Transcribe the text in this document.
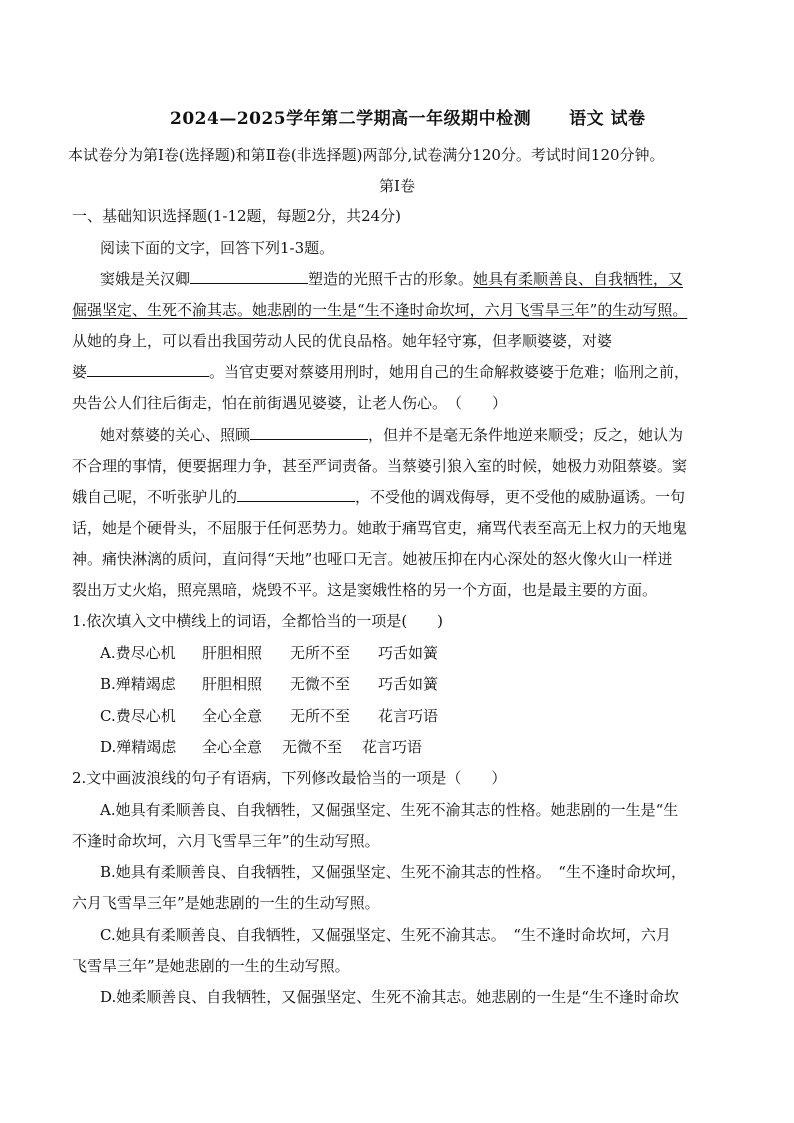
2024—2025学年第二学期高一年级期中检测 语文 试卷
本试卷分为第Ⅰ卷(选择题)和第Ⅱ卷(非选择题)两部分,试卷满分120分。考试时间120分钟。
第Ⅰ卷
一、基础知识选择题(1-12题，每题2分，共24分)
阅读下面的文字，回答下列1-3题。
窦娥是关汉卿	塑造的光照千古的形象。她具有柔顺善良、自我牺牲，又
倔强坚定、生死不渝其志。她悲剧的一生是“生不逢时命坎坷，六月飞雪旱三年”的生动写照。
从她的身上，可以看出我国劳动人民的优良品格。她年轻守寡，但孝顺婆婆，对婆
婆	。当官吏要对蔡婆用刑时，她用自己的生命解救婆婆于危难；临刑之前，
央告公人们往后街走，怕在前街遇见婆婆，让老人伤心。　（　　）
她对蔡婆的关心、照顾	，但并不是毫无条件地逆来顺受；反之，她认为
不合理的事情，便要据理力争，甚至严词责备。当蔡婆引狼入室的时候，她极力劝阻蔡婆。窦
娥自己呢，不听张驴儿的	，不受他的调戏侮辱，更不受他的威胁逼诱。一句
话，她是个硬骨头，不屈服于任何恶势力。她敢于痛骂官吏，痛骂代表至高无上权力的天地鬼
神。痛快淋漓的质问，直问得“天地”也哑口无言。她被压抑在内心深处的怒火像火山一样迸
裂出万丈火焰，照亮黑暗，烧毁不平。这是窦娥性格的另一个方面，也是最主要的方面。
1.依次填入文中横线上的词语，全都恰当的一项是(　　)
A.费尽心机 肝胆相照 无所不至 巧舌如簧
B.殚精竭虑 肝胆相照 无微不至 巧舌如簧
C.费尽心机 全心全意 无所不至 花言巧语
D.殚精竭虑 全心全意 无微不至 花言巧语
2.文中画波浪线的句子有语病，下列修改最恰当的一项是（　　）
A.她具有柔顺善良、自我牺牲，又倔强坚定、生死不渝其志的性格。她悲剧的一生是“生
不逢时命坎坷，六月飞雪旱三年”的生动写照。
B.她具有柔顺善良、自我牺牲，又倔强坚定、生死不渝其志的性格。　“生不逢时命坎坷，
六月飞雪旱三年”是她悲剧的一生的生动写照。
C.她具有柔顺善良、自我牺牲，又倔强坚定、生死不渝其志。　“生不逢时命坎坷，六月
飞雪旱三年”是她悲剧的一生的生动写照。
D.她柔顺善良、自我牺牲，又倔强坚定、生死不渝其志。她悲剧的一生是“生不逢时命坎
